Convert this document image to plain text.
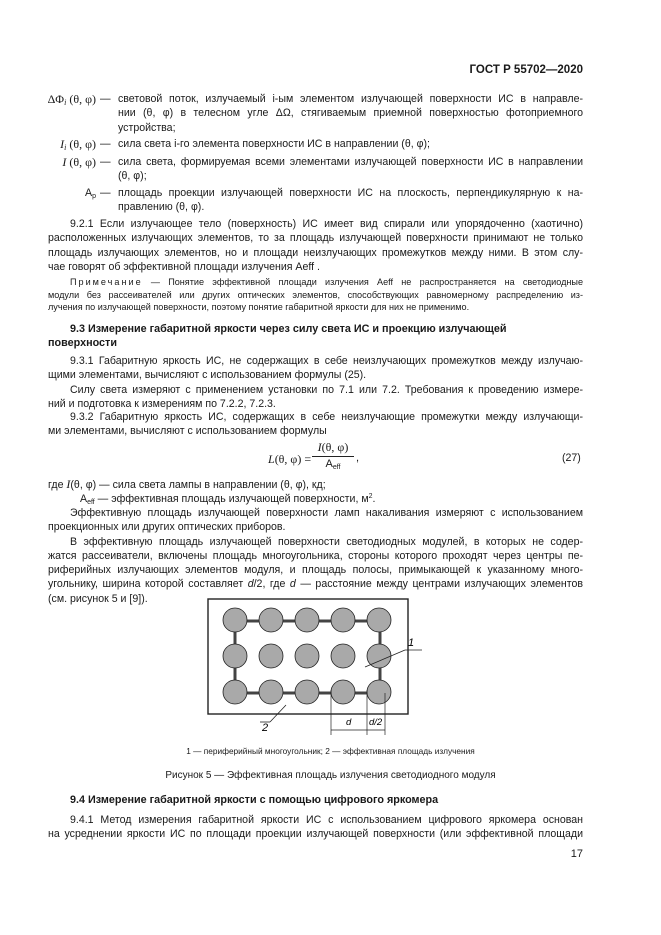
ГОСТ Р 55702—2020
ΔΦi (θ, φ) — световой поток, излучаемый i-ым элементом излучающей поверхности ИС в направле-
нии (θ, φ) в телесном угле ΔΩ, стягиваемым приемной поверхностью фотоприемного
устройства;
Ii (θ, φ) — сила света i-го элемента поверхности ИС в направлении (θ, φ);
I (θ, φ) — сила света, формируемая всеми элементами излучающей поверхности ИС в направлении
(θ, φ);
$A_p$ — площадь проекции излучающей поверхности ИС на плоскость, перпендикулярную к на-
правлению (θ, φ).
9.2.1 Если излучающее тело (поверхность) ИС имеет вид спирали или упорядоченно (хаотично)
расположенных излучающих элементов, то за площадь излучающей поверхности принимают не только
площадь излучающих элементов, но и площади неизлучающих промежутков между ними. В этом слу-
чае говорят об эффективной площади излучения Aeff .
Примечание — Понятие эффективной площади излучения Aeff не распространяется на светодиодные
модули без рассеивателей или других оптических элементов, способствующих равномерному распределению из-
лучения по излучающей поверхности, поэтому понятие габаритной яркости для них не применимо.
9.3 Измерение габаритной яркости через силу света ИС и проекцию излучающей
поверхности
9.3.1 Габаритную яркость ИС, не содержащих в себе неизлучающих промежутков между излучаю-
щими элементами, вычисляют с использованием формулы (25).
Силу света измеряют с применением установки по 7.1 или 7.2. Требования к проведению измере-
ний и подготовка к измерениям по 7.2.2, 7.2.3.
9.3.2 Габаритную яркость ИС, содержащих в себе неизлучающие промежутки между излучающи-
ми элементами, вычисляют с использованием формулы
L(θ, φ) =
I(θ, φ)
$A_{eff}$
,	(27)
где I(θ, φ) — сила света лампы в направлении (θ, φ), кд;
$A_{eff}$ — эффективная площадь излучающей поверхности, $м^2$.
Эффективную площадь излучающей поверхности ламп накаливания измеряют с использованием
проекционных или других оптических приборов.
В эффективную площадь излучающей поверхности светодиодных модулей, в которых не содер-
жатся рассеиватели, включены площадь многоугольника, стороны которого проходят через центры пе-
риферийных излучающих элементов модуля, и площадь полосы, примыкающей к указанному много-
угольнику, ширина которой составляет d/2, где d — расстояние между центрами излучающих элементов
(см. рисунок 5 и [9]).
1
2	d d/2
1 — периферийный многоугольник; 2 — эффективная площадь излучения
Рисунок 5 — Эффективная площадь излучения светодиодного модуля
9.4 Измерение габаритной яркости с помощью цифрового яркомера
9.4.1 Метод измерения габаритной яркости ИС с использованием цифрового яркомера основан
на усреднении яркости ИС по площади проекции излучающей поверхности (или эффективной площади
17
